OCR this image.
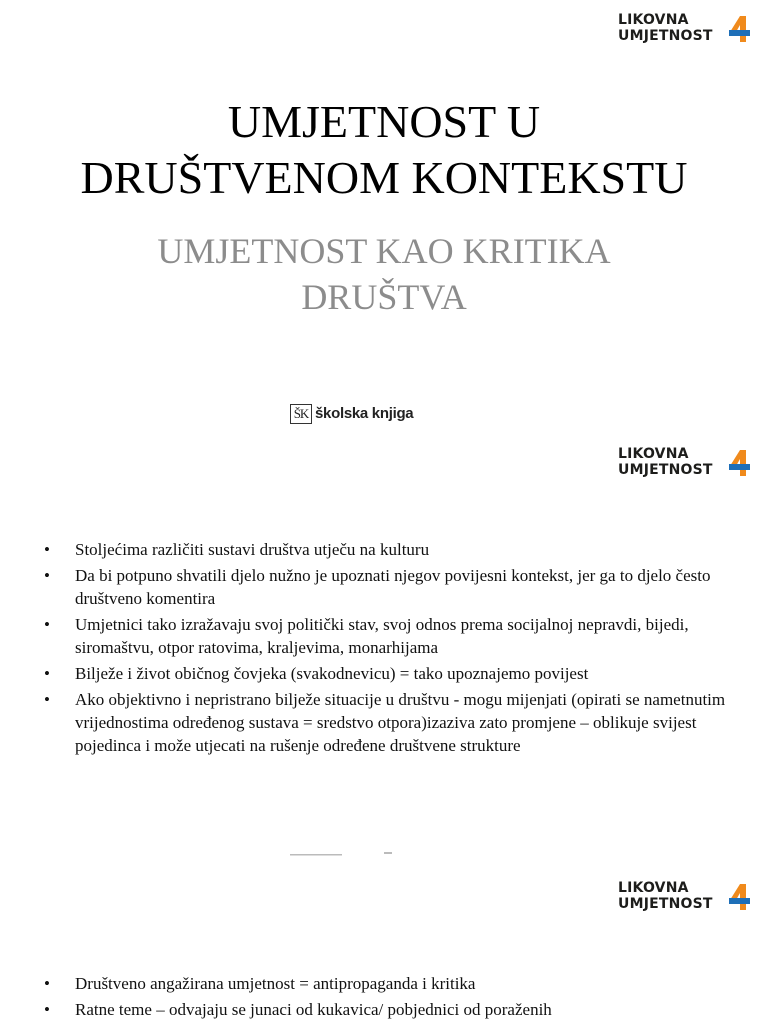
LIKOVNA
UMJETNOST
UMJETNOST U
DRUŠTVENOM KONTEKSTU
UMJETNOST KAO KRITIKA
DRUŠTVA
ŠK školska knjiga
LIKOVNA
UMJETNOST
• Stoljećima različiti sustavi društva utječu na kulturu
• Da bi potpuno shvatili djelo nužno je upoznati njegov povijesni kontekst, jer ga to djelo često društveno komentira
• Umjetnici tako izražavaju svoj politički stav, svoj odnos prema socijalnoj nepravdi, bijedi, siromaštvu, otpor ratovima, kraljevima, monarhijama
• Bilježe i život običnog čovjeka (svakodnevicu) = tako upoznajemo povijest
• Ako objektivno i nepristrano bilježe situacije u društvu - mogu mijenjati (opirati se nametnutim vrijednostima određenog sustava = sredstvo otpora)izaziva zato promjene – oblikuje svijest pojedinca i može utjecati na rušenje određene društvene strukture
LIKOVNA
UMJETNOST
• Društveno angažirana umjetnost = antipropaganda i kritika
• Ratne teme – odvajaju se junaci od kukavica/ pobjednici od poraženih
